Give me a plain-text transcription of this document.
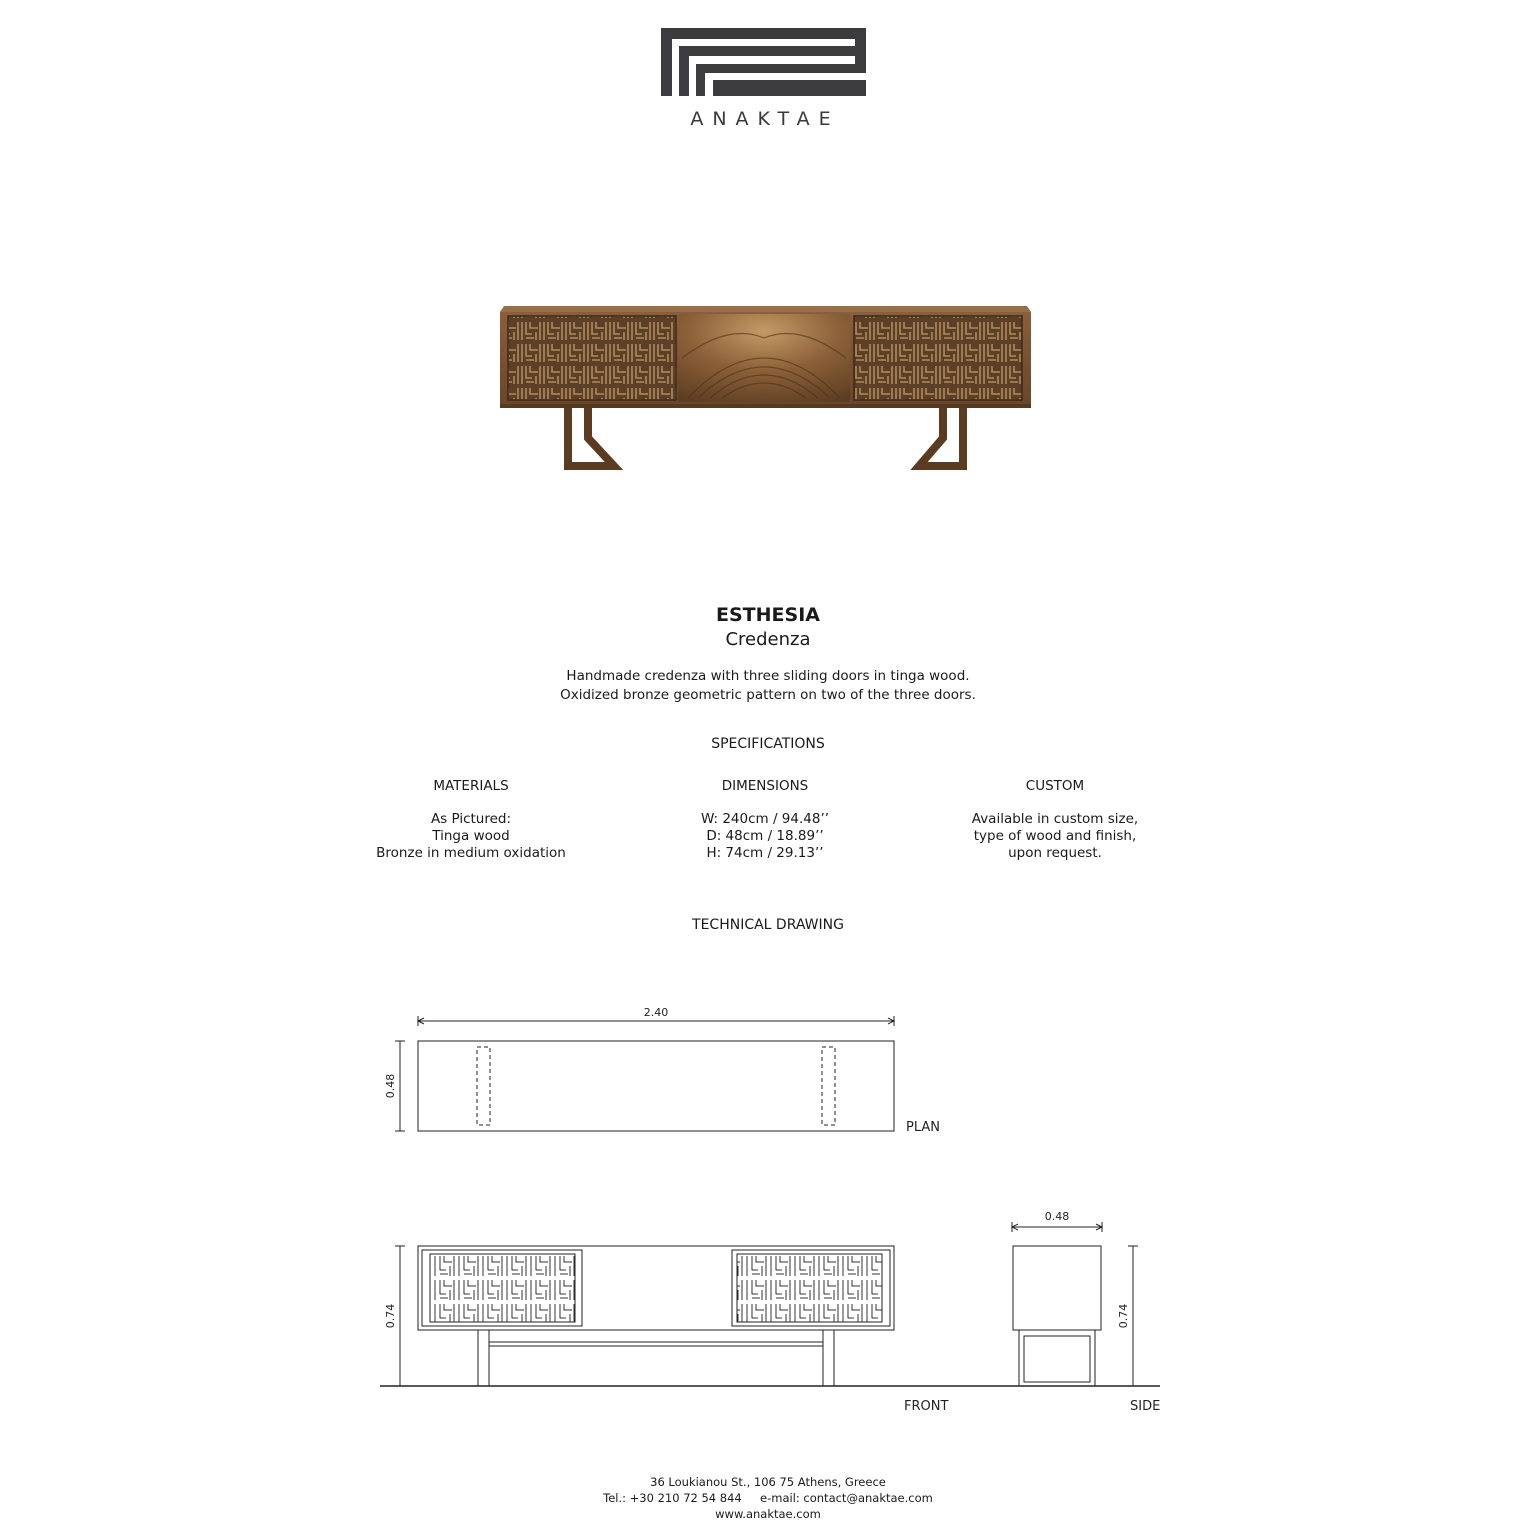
ANAKTAE
ESTHESIA
Credenza
Handmade credenza with three sliding doors in tinga wood.
Oxidized bronze geometric pattern on two of the three doors.
SPECIFICATIONS
MATERIALS
As Pictured:
Tinga wood
Bronze in medium oxidation
DIMENSIONS
W: 240cm / 94.48’’
D: 48cm / 18.89’’
H: 74cm / 29.13’’
CUSTOM
Available in custom size,
type of wood and finish,
upon request.
TECHNICAL DRAWING
2.40
0.48
0.74
0.48
0.74
PLAN
FRONT	SIDE
36 Loukianou St., 106 75 Athens, Greece
Tel.: +30 210 72 54 844 e-mail: contact@anaktae.com
www.anaktae.com
